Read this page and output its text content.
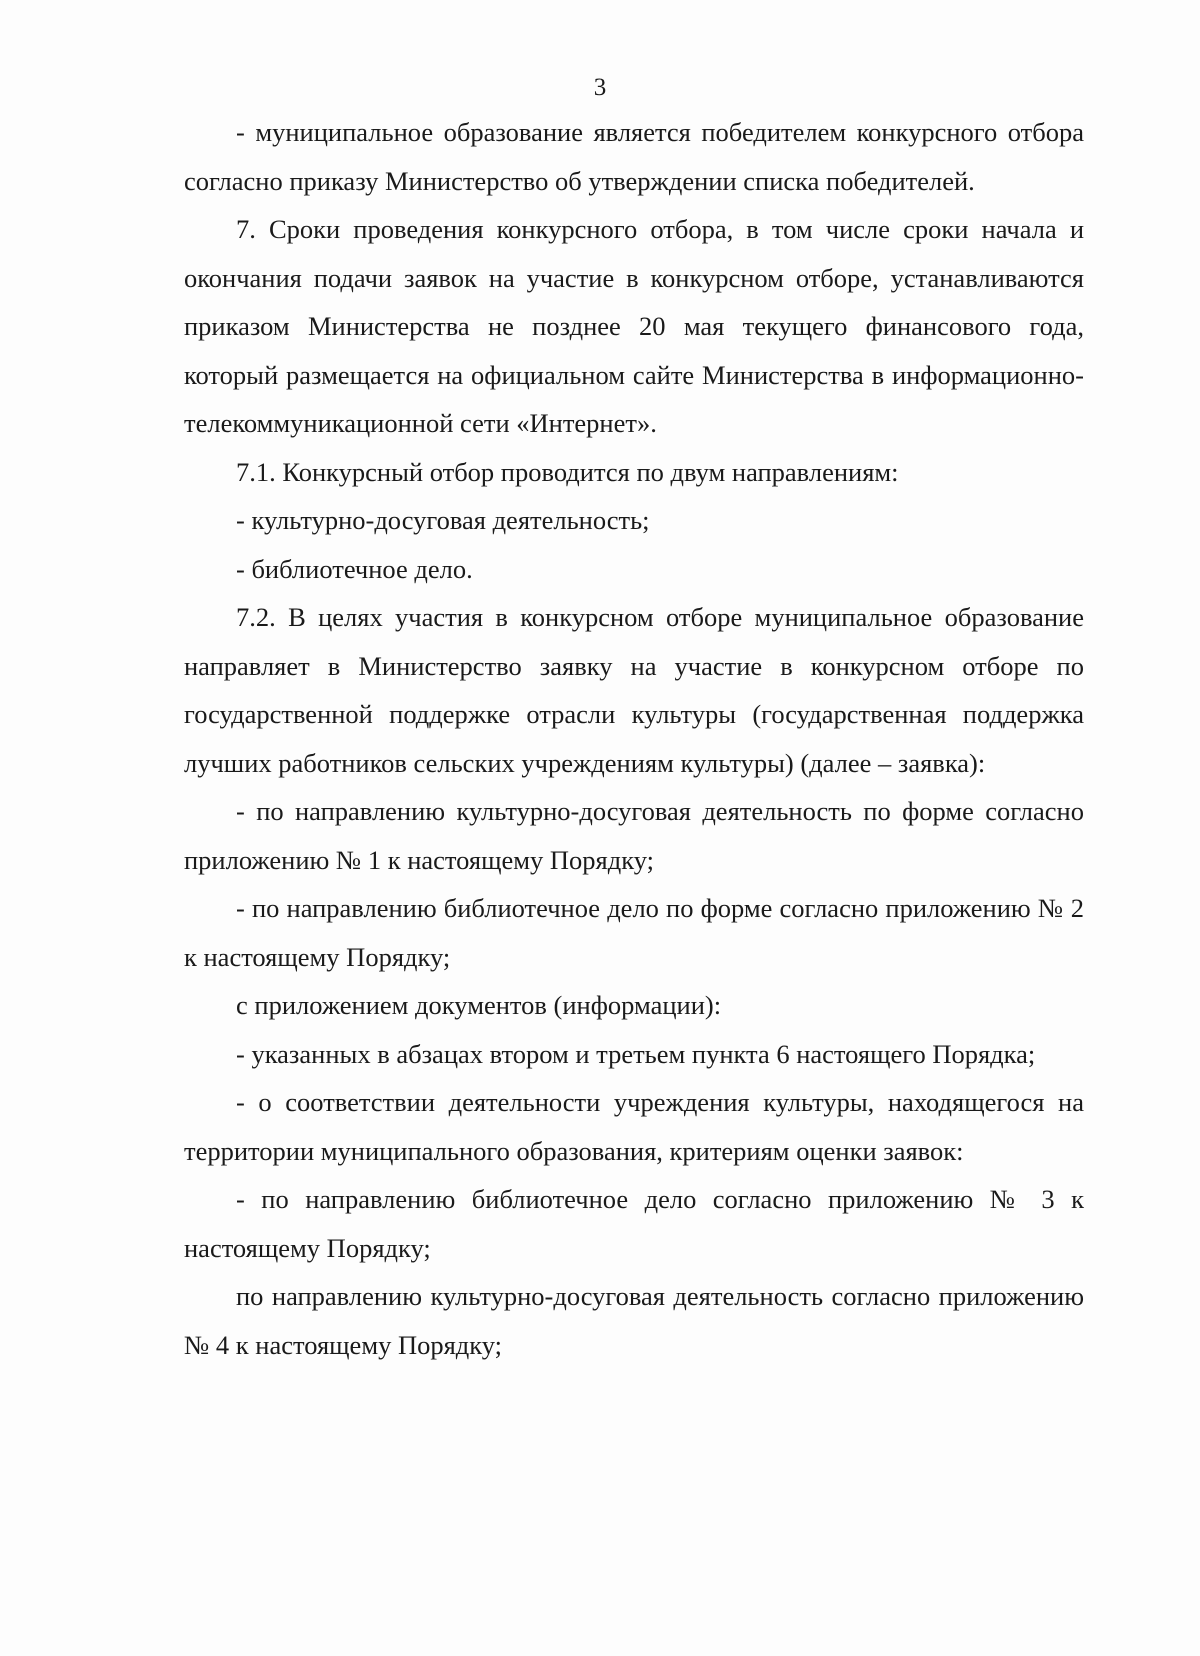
3

- муниципальное образование является победителем конкурсного отбора согласно приказу Министерство об утверждении списка победителей.

7. Сроки проведения конкурсного отбора, в том числе сроки начала и окончания подачи заявок на участие в конкурсном отборе, устанавливаются приказом Министерства не позднее 20 мая текущего финансового года, который размещается на официальном сайте Министерства в информационно-телекоммуникационной сети «Интернет».

7.1. Конкурсный отбор проводится по двум направлениям:

- культурно-досуговая деятельность;

- библиотечное дело.

7.2. В целях участия в конкурсном отборе муниципальное образование направляет в Министерство заявку на участие в конкурсном отборе по государственной поддержке отрасли культуры (государственная поддержка лучших работников сельских учреждениям культуры) (далее – заявка):

- по направлению культурно-досуговая деятельность по форме согласно приложению № 1 к настоящему Порядку;

- по направлению библиотечное дело по форме согласно приложению № 2 к настоящему Порядку;

с приложением документов (информации):

- указанных в абзацах втором и третьем пункта 6 настоящего Порядка;

- о соответствии деятельности учреждения культуры, находящегося на территории муниципального образования, критериям оценки заявок:

- по направлению библиотечное дело согласно приложению № 3 к настоящему Порядку;

по направлению культурно-досуговая деятельность согласно приложению № 4 к настоящему Порядку;
